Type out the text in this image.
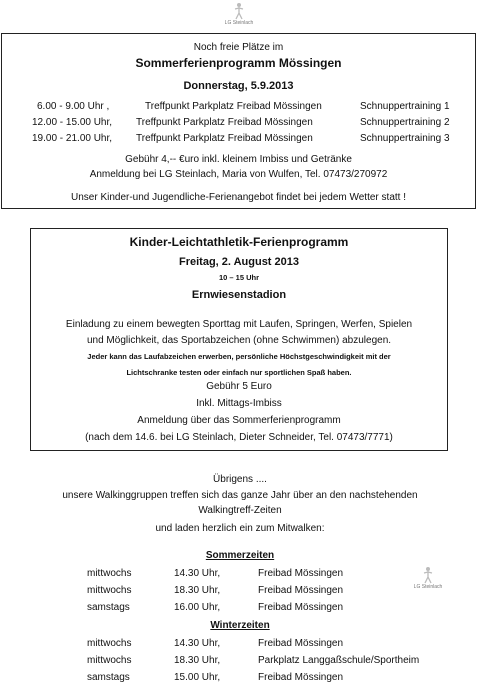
LG Steinlach
Noch freie Plätze im
Sommerferienprogramm Mössingen
Donnerstag, 5.9.2013
6.00 - 9.00 Uhr ,	Treffpunkt Parkplatz Freibad Mössingen	Schnuppertraining 1
12.00 - 15.00 Uhr, Treffpunkt Parkplatz Freibad Mössingen	Schnuppertraining 2
19.00 - 21.00 Uhr, Treffpunkt Parkplatz Freibad Mössingen	Schnuppertraining 3
Gebühr 4,-- €uro inkl. kleinem Imbiss und Getränke
Anmeldung bei LG Steinlach, Maria von Wulfen, Tel. 07473/270972
Unser Kinder-und Jugendliche-Ferienangebot findet bei jedem Wetter statt !
Kinder-Leichtathletik-Ferienprogramm
Freitag, 2. August 2013
10 – 15 Uhr
Ernwiesenstadion
Einladung zu einem bewegten Sporttag mit Laufen, Springen, Werfen, Spielen
und Möglichkeit, das Sportabzeichen (ohne Schwimmen) abzulegen.
Jeder kann das Laufabzeichen erwerben, persönliche Höchstgeschwindigkeit mit der
Lichtschranke testen oder einfach nur sportlichen Spaß haben.
Gebühr 5 Euro
Inkl. Mittags-Imbiss
Anmeldung über das Sommerferienprogramm
(nach dem 14.6. bei LG Steinlach, Dieter Schneider, Tel. 07473/7771)
Übrigens ....
unsere Walkinggruppen treffen sich das ganze Jahr über an den nachstehenden
Walkingtreff-Zeiten
und laden herzlich ein zum Mitwalken:
Sommerzeiten
mittwochs	14.30 Uhr,	Freibad Mössingen
mittwochs	18.30 Uhr,	Freibad Mössingen
samstags	16.00 Uhr,	Freibad Mössingen
LG Steinlach
Winterzeiten
mittwochs	14.30 Uhr,	Freibad Mössingen
mittwochs	18.30 Uhr,	Parkplatz Langgaßschule/Sportheim
samstags	15.00 Uhr,	Freibad Mössingen
